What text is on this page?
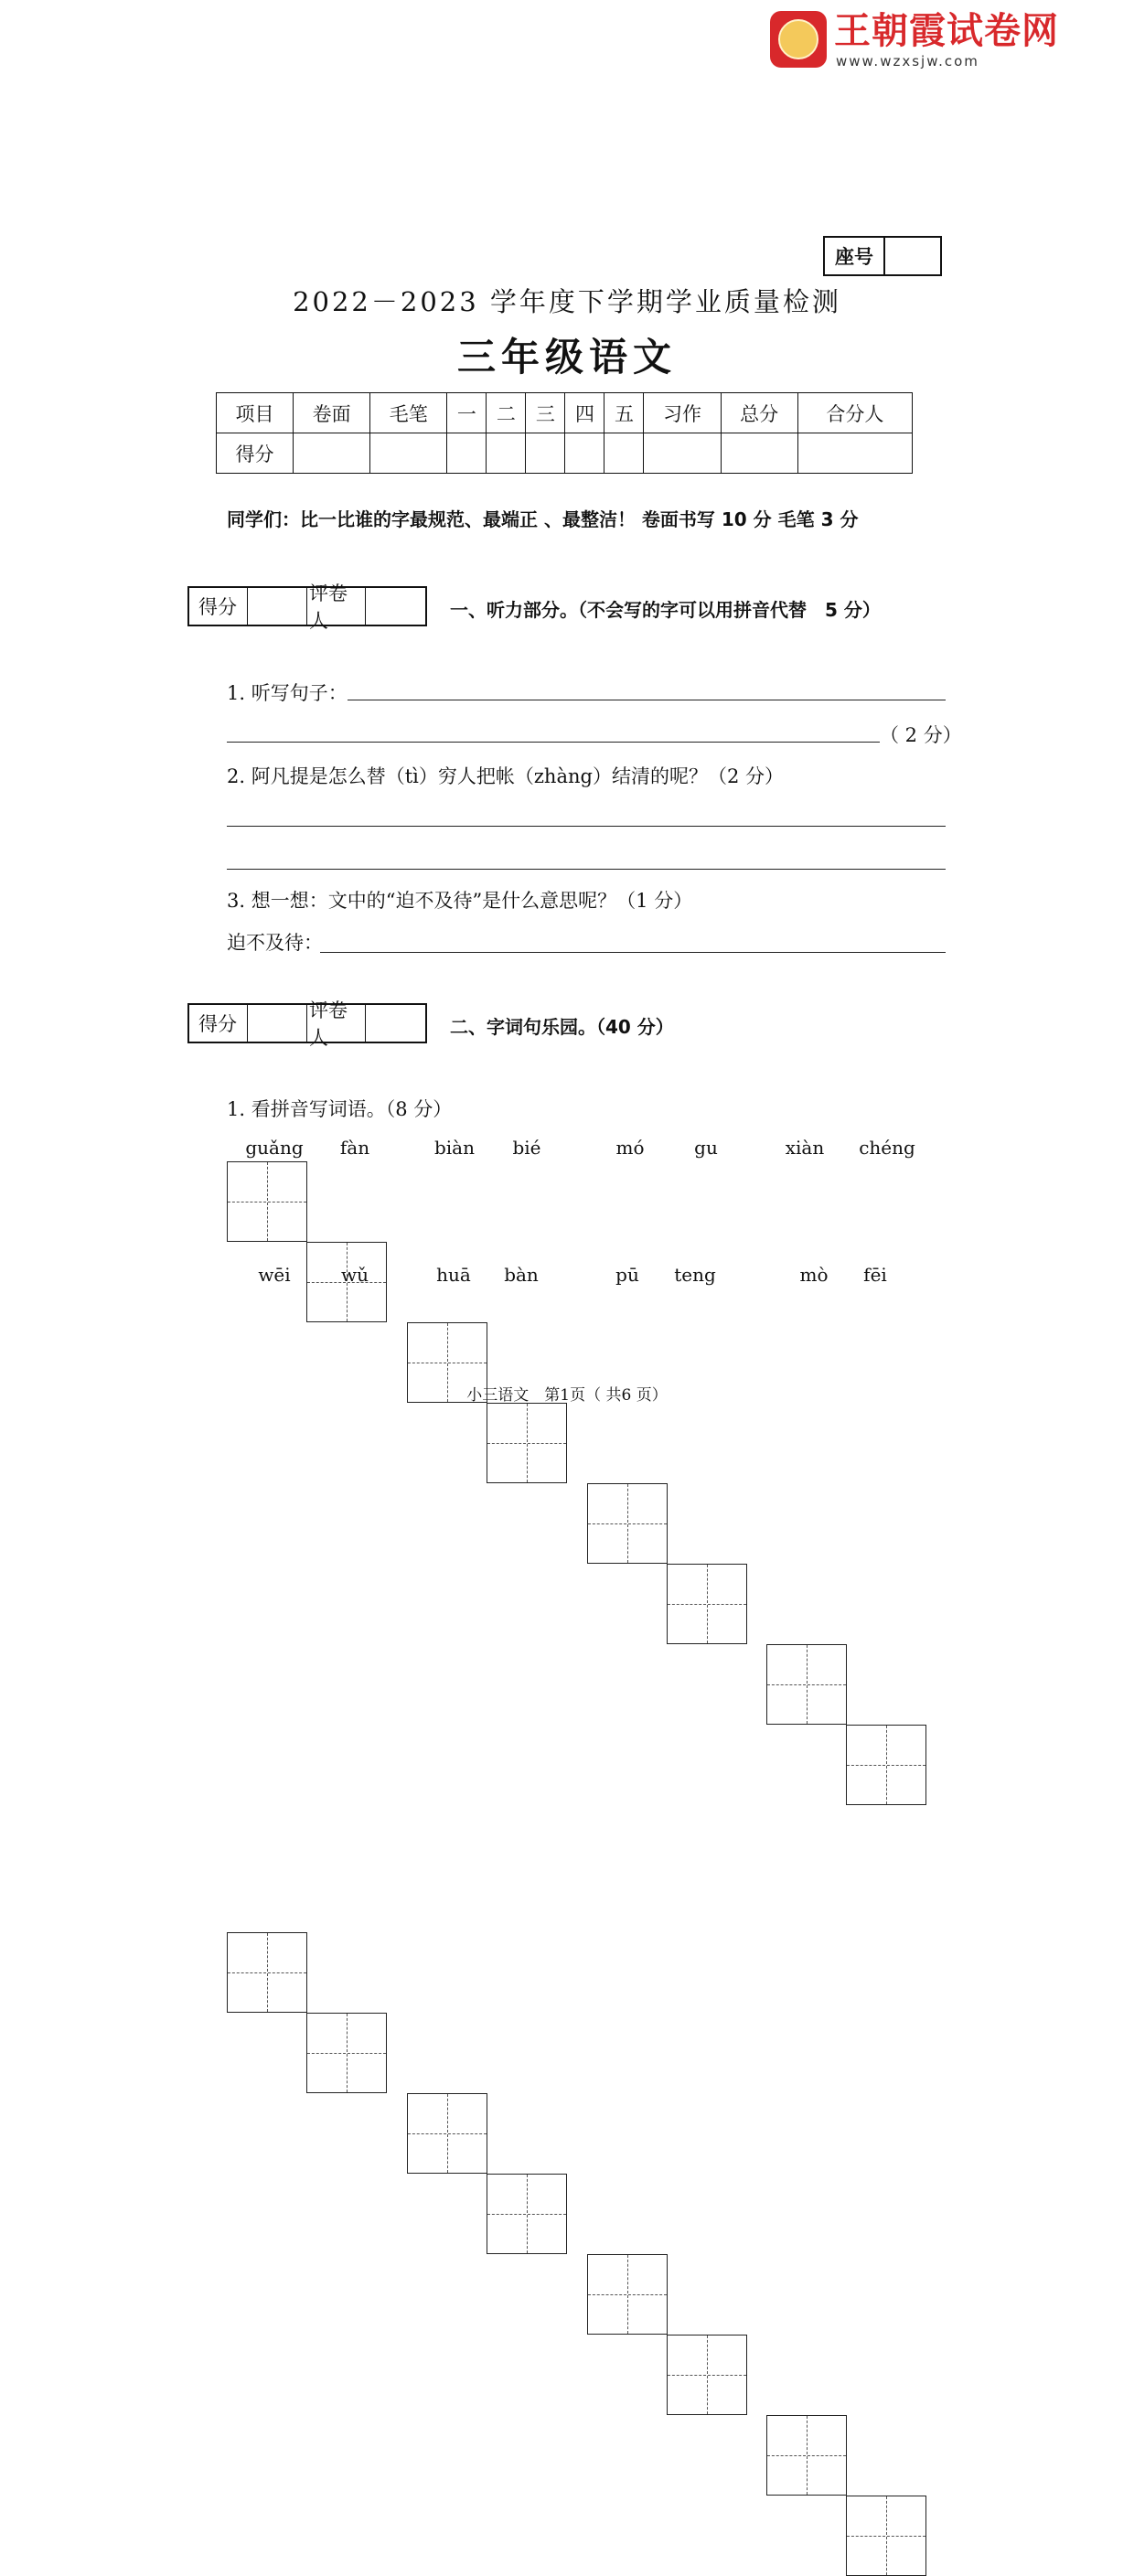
王朝霞试卷网
www.wzxsjw.com
座号
2022－2023 学年度下学期学业质量检测
三年级语文
项目	卷面	毛笔	一	二	三	四	五	习作	总分	合分人
得分										
同学们：比一比谁的字最规范、最端正 、最整洁！ 卷面书写 10 分 毛笔 3 分
得分
评卷人	一、听力部分。（不会写的字可以用拼音代替　5 分）
1. 听写句子：
（ 2 分）
2. 阿凡提是怎么替（tì）穷人把帐（zhàng）结清的呢？（2 分）
3. 想一想：文中的“迫不及待”是什么意思呢？（1 分）
迫不及待：
得分
评卷人	二、字词句乐园。（40 分）
1. 看拼音写词语。（8 分）
guǎng	fàn	biàn	bié	mó	gu	xiàn	chéng
wēi	wǔ	huā	bàn	pū	teng	mò	fēi
小三语文　第1页（ 共6 页）
